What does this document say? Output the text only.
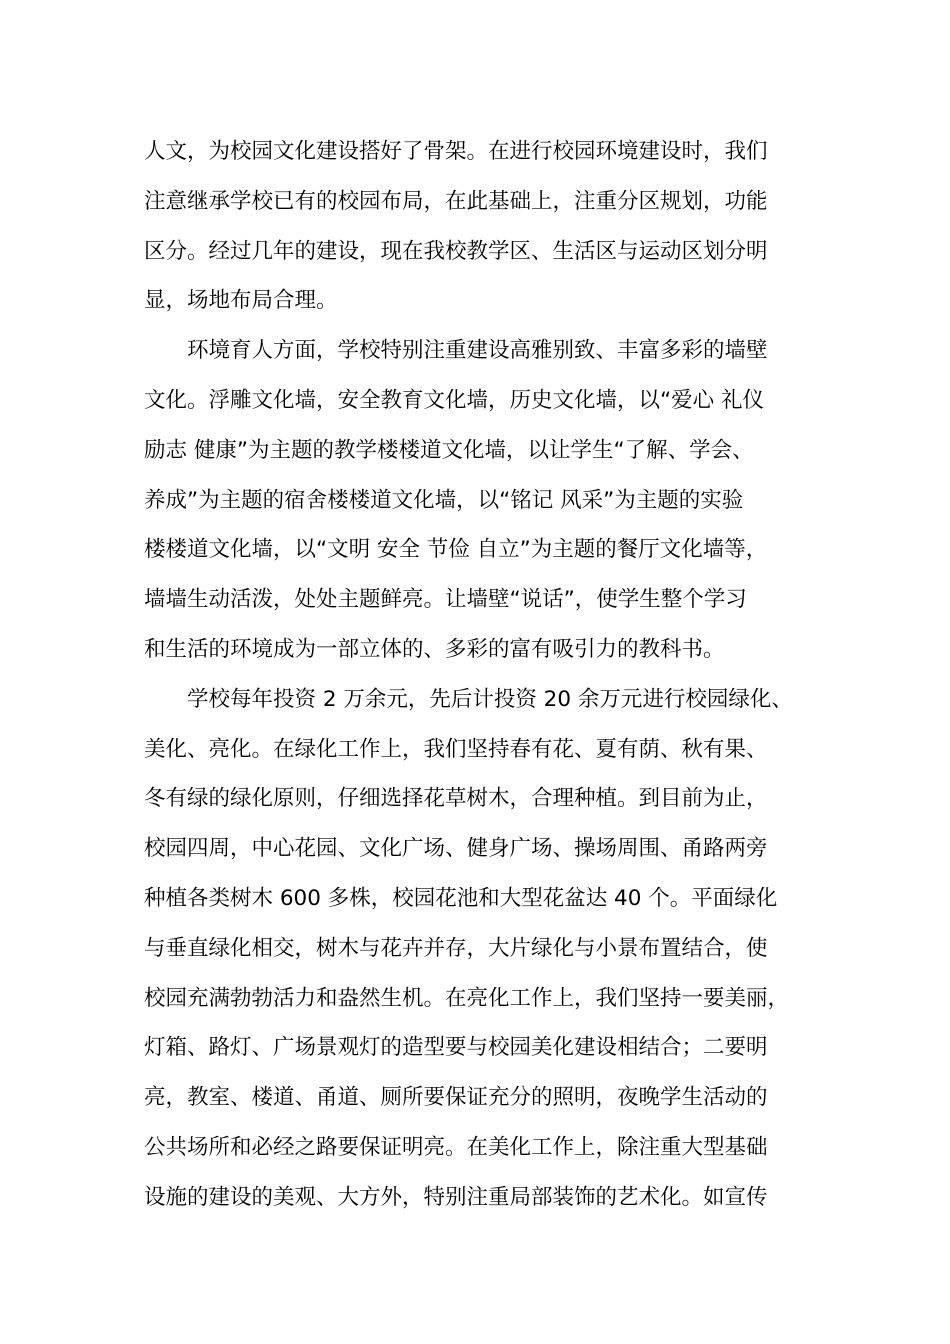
人文，为校园文化建设搭好了骨架。在进行校园环境建设时，我们
注意继承学校已有的校园布局，在此基础上，注重分区规划，功能
区分。经过几年的建设，现在我校教学区、生活区与运动区划分明
显，场地布局合理。
　　环境育人方面，学校特别注重建设高雅别致、丰富多彩的墙壁
文化。浮雕文化墙，安全教育文化墙，历史文化墙，以“爱心 礼仪
励志 健康”为主题的教学楼楼道文化墙，以让学生“了解、学会、
养成”为主题的宿舍楼楼道文化墙，以“铭记 风采”为主题的实验
楼楼道文化墙，以“文明 安全 节俭 自立”为主题的餐厅文化墙等，
墙墙生动活泼，处处主题鲜亮。让墙壁“说话”，使学生整个学习
和生活的环境成为一部立体的、多彩的富有吸引力的教科书。
　　学校每年投资 2 万余元，先后计投资 20 余万元进行校园绿化、
美化、亮化。在绿化工作上，我们坚持春有花、夏有荫、秋有果、
冬有绿的绿化原则，仔细选择花草树木，合理种植。到目前为止，
校园四周，中心花园、文化广场、健身广场、操场周围、甬路两旁
种植各类树木 600 多株，校园花池和大型花盆达 40 个。平面绿化
与垂直绿化相交，树木与花卉并存，大片绿化与小景布置结合，使
校园充满勃勃活力和盎然生机。在亮化工作上，我们坚持一要美丽，
灯箱、路灯、广场景观灯的造型要与校园美化建设相结合；二要明
亮，教室、楼道、甬道、厕所要保证充分的照明，夜晚学生活动的
公共场所和必经之路要保证明亮。在美化工作上，除注重大型基础
设施的建设的美观、大方外，特别注重局部装饰的艺术化。如宣传
